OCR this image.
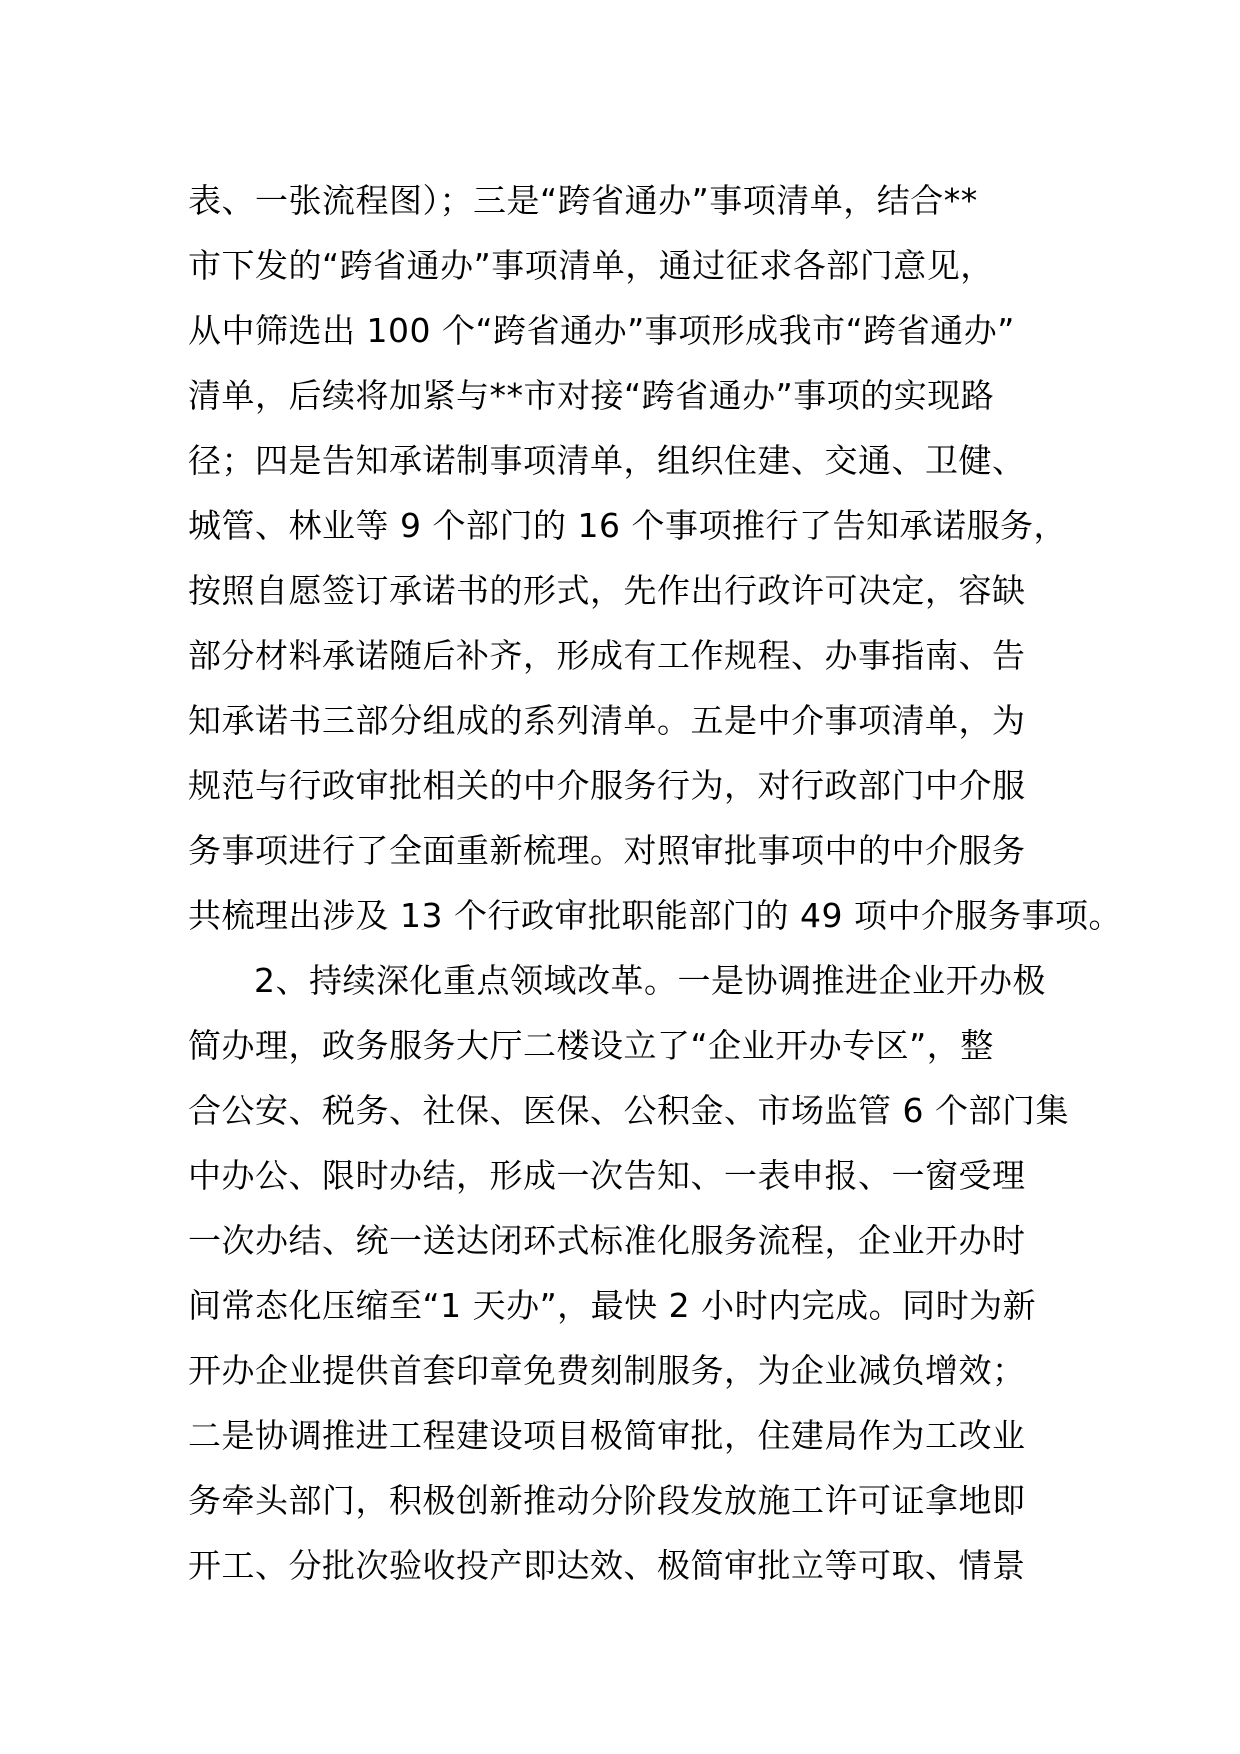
表、一张流程图）；三是“跨省通办”事项清单，结合**
市下发的“跨省通办”事项清单，通过征求各部门意见，
从中筛选出 100 个“跨省通办”事项形成我市“跨省通办”
清单，后续将加紧与**市对接“跨省通办”事项的实现路
径；四是告知承诺制事项清单，组织住建、交通、卫健、
城管、林业等 9 个部门的 16 个事项推行了告知承诺服务，
按照自愿签订承诺书的形式，先作出行政许可决定，容缺
部分材料承诺随后补齐，形成有工作规程、办事指南、告
知承诺书三部分组成的系列清单。五是中介事项清单，为
规范与行政审批相关的中介服务行为，对行政部门中介服
务事项进行了全面重新梳理。对照审批事项中的中介服务
共梳理出涉及 13 个行政审批职能部门的 49 项中介服务事项。
2、持续深化重点领域改革。一是协调推进企业开办极
简办理，政务服务大厅二楼设立了“企业开办专区”，整
合公安、税务、社保、医保、公积金、市场监管 6 个部门集
中办公、限时办结，形成一次告知、一表申报、一窗受理
一次办结、统一送达闭环式标准化服务流程，企业开办时
间常态化压缩至“1 天办”，最快 2 小时内完成。同时为新
开办企业提供首套印章免费刻制服务，为企业减负增效；
二是协调推进工程建设项目极简审批，住建局作为工改业
务牵头部门，积极创新推动分阶段发放施工许可证拿地即
开工、分批次验收投产即达效、极简审批立等可取、情景
